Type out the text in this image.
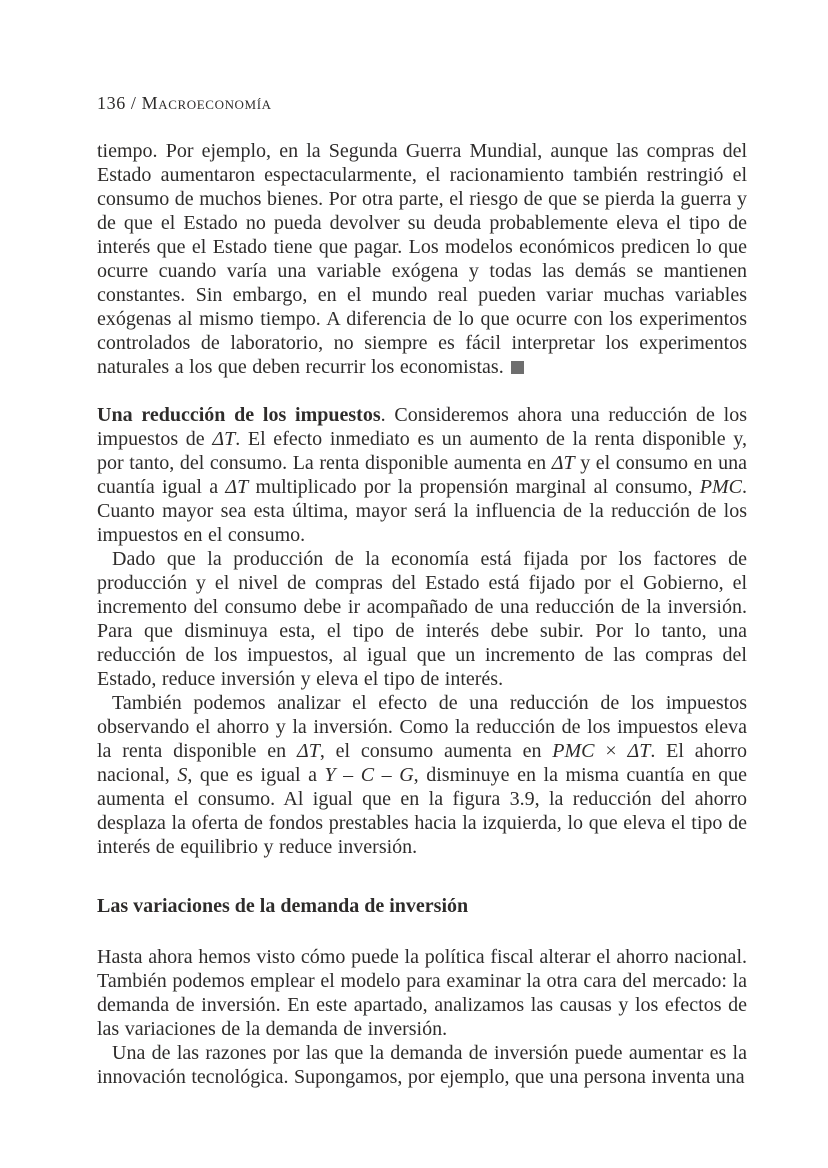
136 / Macroeconomía

tiempo. Por ejemplo, en la Segunda Guerra Mundial, aunque las compras del Estado aumentaron espectacularmente, el racionamiento también restringió el consumo de muchos bienes. Por otra parte, el riesgo de que se pierda la guerra y de que el Estado no pueda devolver su deuda probablemente eleva el tipo de interés que el Estado tiene que pagar. Los modelos económicos predicen lo que ocurre cuando varía una variable exógena y todas las demás se mantienen constantes. Sin embargo, en el mundo real pueden variar muchas variables exógenas al mismo tiempo. A diferencia de lo que ocurre con los experimentos controlados de laboratorio, no siempre es fácil interpretar los experimentos naturales a los que deben recurrir los economistas.

Una reducción de los impuestos. Consideremos ahora una reducción de los impuestos de ΔT. El efecto inmediato es un aumento de la renta disponible y, por tanto, del consumo. La renta disponible aumenta en ΔT y el consumo en una cuantía igual a ΔT multiplicado por la propensión marginal al consumo, PMC. Cuanto mayor sea esta última, mayor será la influencia de la reducción de los impuestos en el consumo.

Dado que la producción de la economía está fijada por los factores de producción y el nivel de compras del Estado está fijado por el Gobierno, el incremento del consumo debe ir acompañado de una reducción de la inversión. Para que disminuya esta, el tipo de interés debe subir. Por lo tanto, una reducción de los impuestos, al igual que un incremento de las compras del Estado, reduce inversión y eleva el tipo de interés.

También podemos analizar el efecto de una reducción de los impuestos observando el ahorro y la inversión. Como la reducción de los impuestos eleva la renta disponible en ΔT, el consumo aumenta en PMC × ΔT. El ahorro nacional, S, que es igual a Y – C – G, disminuye en la misma cuantía en que aumenta el consumo. Al igual que en la figura 3.9, la reducción del ahorro desplaza la oferta de fondos prestables hacia la izquierda, lo que eleva el tipo de interés de equilibrio y reduce inversión.

Las variaciones de la demanda de inversión

Hasta ahora hemos visto cómo puede la política fiscal alterar el ahorro nacional. También podemos emplear el modelo para examinar la otra cara del mercado: la demanda de inversión. En este apartado, analizamos las causas y los efectos de las variaciones de la demanda de inversión.

Una de las razones por las que la demanda de inversión puede aumentar es la innovación tecnológica. Supongamos, por ejemplo, que una persona inventa una
